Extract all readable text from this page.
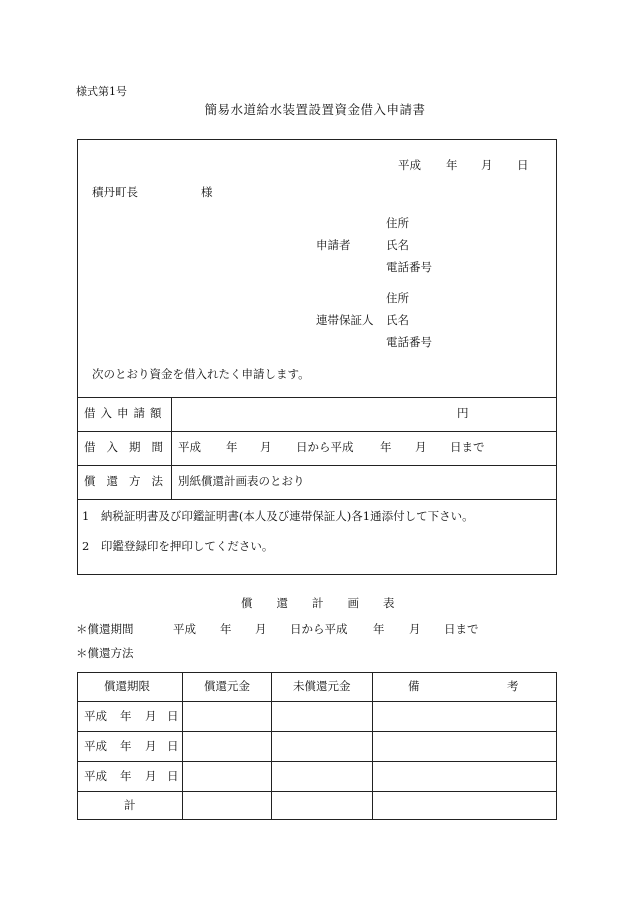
様式第1号
簡易水道給水装置設置資金借入申請書
平成 年 月 日
積丹町長	様
住所
申請者	氏名
電話番号
住所
連帯保証人 氏名
電話番号
次のとおり資金を借入れたく申請します。
借入申請額	円
借入期間 平成 年 月 日から平成 年 月 日まで
償還方法 別紙償還計画表のとおり
1　納税証明書及び印鑑証明書(本人及び連帯保証人)各1通添付して下さい。
2　印鑑登録印を押印してください。
償還計画表
＊償還期間	平成 年 月 日から平成 年 月 日まで
＊償還方法
償還期限	償還元金	未償還元金	備	考
平成 年 月 日
平成 年 月 日
平成 年 月 日
計
